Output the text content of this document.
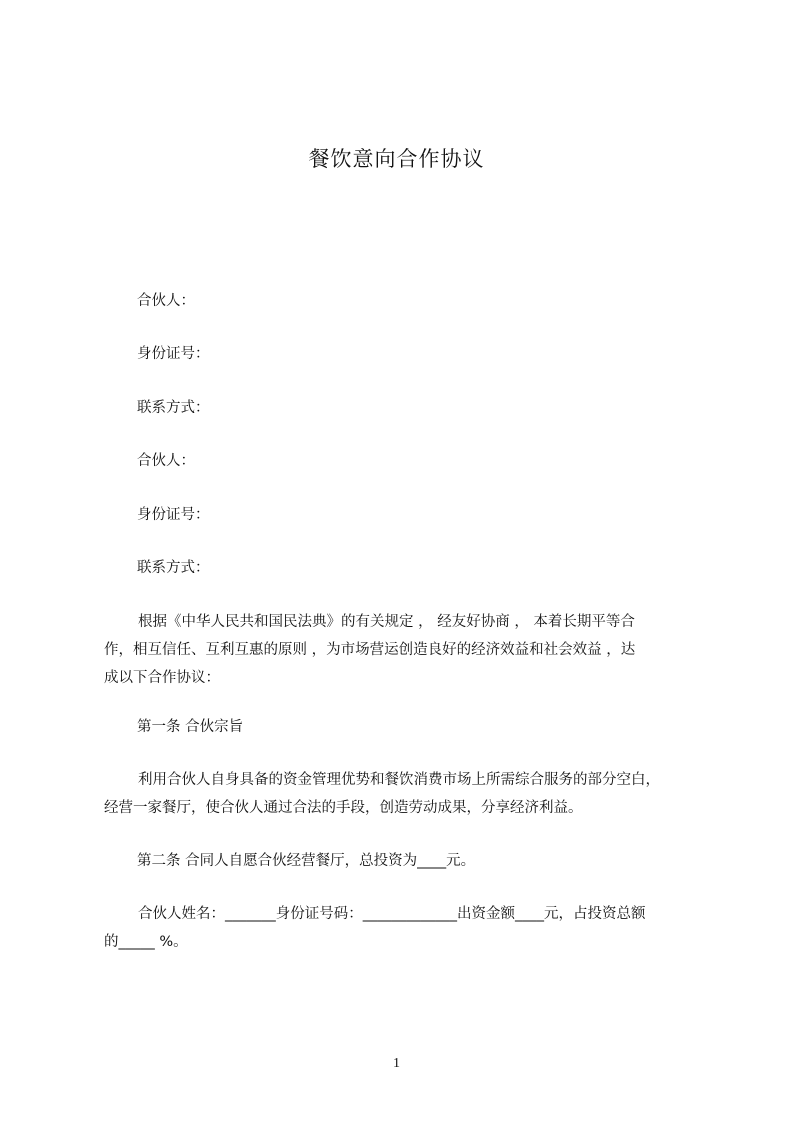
餐饮意向合作协议
合伙人：
身份证号：
联系方式：
合伙人：
身份证号：
联系方式：
根据《中华人民共和国民法典》的有关规定 ， 经友好协商 ， 本着长期平等合
作，相互信任、互利互惠的原则 ，为市场营运创造良好的经济效益和社会效益 ，达
成以下合作协议：
第一条 合伙宗旨
利用合伙人自身具备的资金管理优势和餐饮消费市场上所需综合服务的部分空白，
经营一家餐厅，使合伙人通过合法的手段，创造劳动成果，分享经济利益。
第二条 合同人自愿合伙经营餐厅，总投资为____元。
合伙人姓名：_______身份证号码：_____________出资金额____元，占投资总额
的_____ %。
1
